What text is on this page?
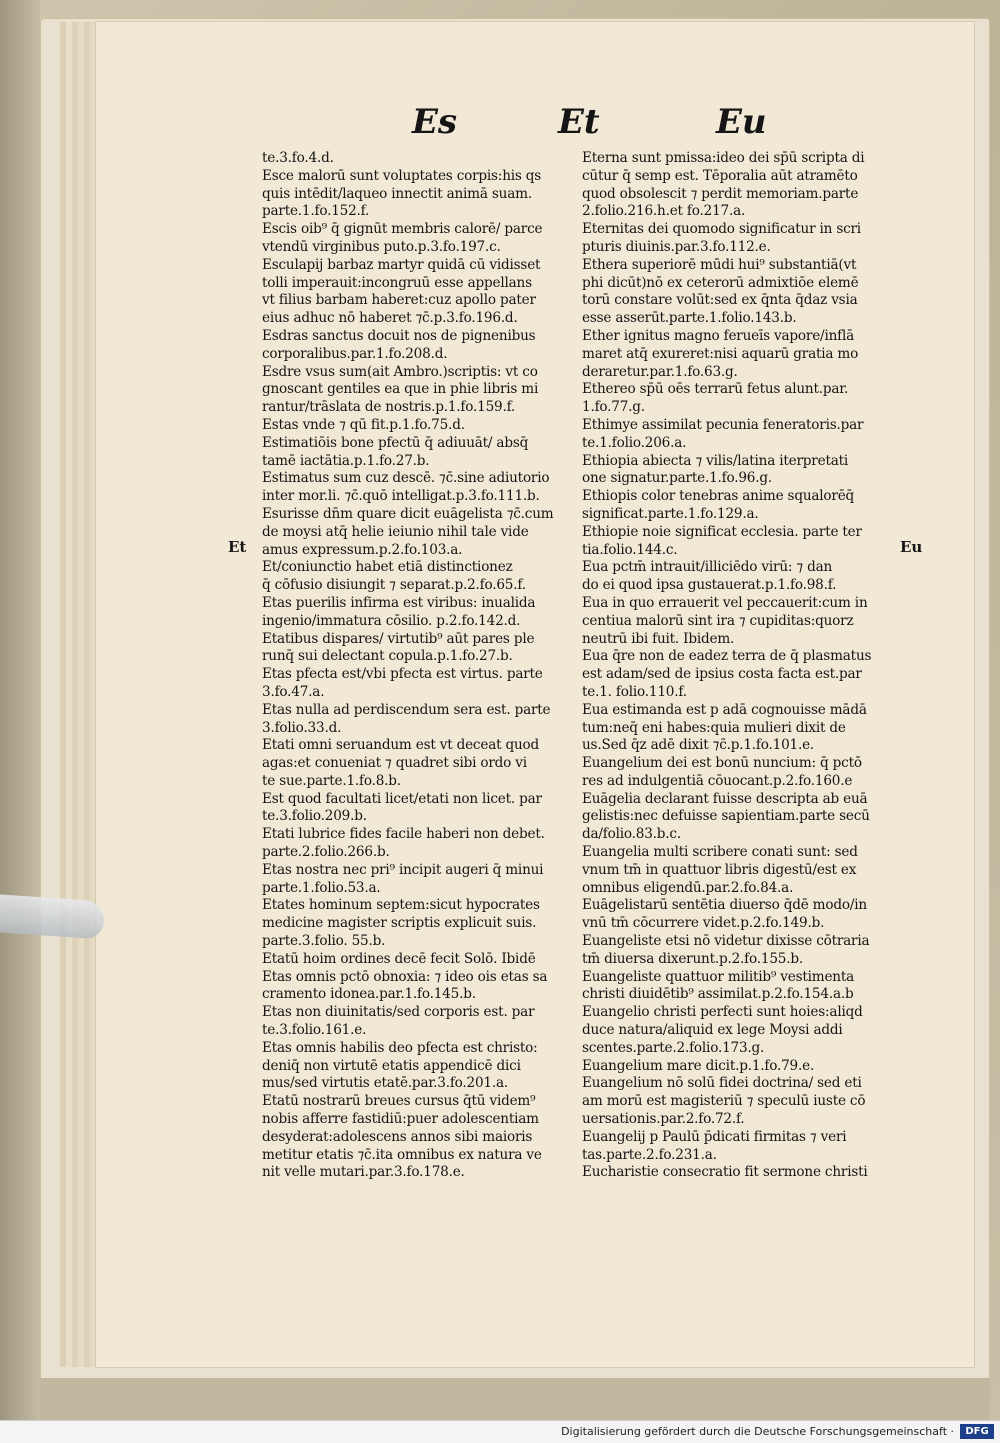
Es	Et	Eu
Et	Eu
te.3.fo.4.d.
Esce malorū sunt voluptates corpis:his qs
quis intēdit/laqueo innectit animā suam.
parte.1.fo.152.f.
Escis oib⁹ q̄ gignūt membris calorē/ parce
vtendū virginibus puto.p.3.fo.197.c.
Esculapij barbaz martyr quidā cū vidisset
tolli imperauit:incongruū esse appellans
vt filius barbam haberet:cuz apollo pater
eius adhuc nō haberet ⁊c̄.p.3.fo.196.d.
Esdras sanctus docuit nos de pignenibus
corporalibus.par.1.fo.208.d.
Esdre vsus sum(ait Ambro.)scriptis: vt co
gnoscant gentiles ea que in phie libris mi
rantur/trāslata de nostris.p.1.fo.159.f.
Estas vnde ⁊ qū fit.p.1.fo.75.d.
Estimatiōis bone pfectū q̄ adiuuāt/ absq̄
tamē iactātia.p.1.fo.27.b.
Estimatus sum cuz descē. ⁊c̄.sine adiutorio
inter mor.li. ⁊c̄.quō intelligat.p.3.fo.111.b.
Esurisse dn̄m quare dicit euāgelista ⁊c̄.cum
de moysi atq̄ helie ieiunio nihil tale vide
amus expressum.p.2.fo.103.a.
Et/coniunctio habet etiā distinctionez
q̄ cōfusio disiungit ⁊ separat.p.2.fo.65.f.
Etas puerilis infirma est viribus: inualida
ingenio/immatura cōsilio. p.2.fo.142.d.
Etatibus dispares/ virtutib⁹ aūt pares ple
runq̄ sui delectant copula.p.1.fo.27.b.
Etas pfecta est/vbi pfecta est virtus. parte
3.fo.47.a.
Etas nulla ad perdiscendum sera est. parte
3.folio.33.d.
Etati omni seruandum est vt deceat quod
agas:et conueniat ⁊ quadret sibi ordo vi
te sue.parte.1.fo.8.b.
Est quod facultati licet/etati non licet. par
te.3.folio.209.b.
Etati lubrice fides facile haberi non debet.
parte.2.folio.266.b.
Etas nostra nec pri⁹ incipit augeri q̄ minui
parte.1.folio.53.a.
Etates hominum septem:sicut hypocrates
medicine magister scriptis explicuit suis.
parte.3.folio. 55.b.
Etatū hoim ordines decē fecit Solō. Ibidē
Etas omnis pctō obnoxia: ⁊ ideo ois etas sa
cramento idonea.par.1.fo.145.b.
Etas non diuinitatis/sed corporis est. par
te.3.folio.161.e.
Etas omnis habilis deo pfecta est christo:
deniq̄ non virtutē etatis appendicē dici
mus/sed virtutis etatē.par.3.fo.201.a.
Etatū nostrarū breues cursus q̄tū videm⁹
nobis afferre fastidiū:puer adolescentiam
desyderat:adolescens annos sibi maioris
metitur etatis ⁊c̄.ita omnibus ex natura ve
nit velle mutari.par.3.fo.178.e.
Eterna sunt pmissa:ideo dei sp̄ū scripta di
cūtur q̄ semp est. Tēporalia aūt atramēto
quod obsolescit ⁊ perdit memoriam.parte
2.folio.216.h.et fo.217.a.
Eternitas dei quomodo significatur in scri
pturis diuinis.par.3.fo.112.e.
Ethera superiorē mūdi hui⁹ substantiā(vt
phi dicūt)nō ex ceterorū admixtiōe elemē
torū constare volūt:sed ex q̄nta q̄daz vsia
esse asserūt.parte.1.folio.143.b.
Ether ignitus magno ferueīs vapore/inflā
maret atq̄ exureret:nisi aquarū gratia mo
deraretur.par.1.fo.63.g.
Ethereo sp̄ū oēs terrarū fetus alunt.par.
1.fo.77.g.
Ethimye assimilat pecunia feneratoris.par
te.1.folio.206.a.
Ethiopia abiecta ⁊ vilis/latina iterpretati
one signatur.parte.1.fo.96.g.
Ethiopis color tenebras anime squalorēq̄
significat.parte.1.fo.129.a.
Ethiopie noie significat ecclesia. parte ter
tia.folio.144.c.
Eua pctm̄ intrauit/illiciēdo virū: ⁊ dan
do ei quod ipsa gustauerat.p.1.fo.98.f.
Eua in quo errauerit vel peccauerit:cum in
centiua malorū sint ira ⁊ cupiditas:quorz
neutrū ibi fuit. Ibidem.
Eua q̄re non de eadez terra de q̄ plasmatus
est adam/sed de ipsius costa facta est.par
te.1. folio.110.f.
Eua estimanda est p adā cognouisse mādā
tum:neq̄ eni habes:quia mulieri dixit de
us.Sed q̄z adē dixit ⁊c̄.p.1.fo.101.e.
Euangelium dei est bonū nuncium: q̄ pctō
res ad indulgentiā cōuocant.p.2.fo.160.e
Euāgelia declarant fuisse descripta ab euā
gelistis:nec defuisse sapientiam.parte secū
da/folio.83.b.c.
Euangelia multi scribere conati sunt: sed
vnum tm̄ in quattuor libris digestū/est ex
omnibus eligendū.par.2.fo.84.a.
Euāgelistarū sentētia diuerso q̄dē modo/in
vnū tm̄ cōcurrere videt.p.2.fo.149.b.
Euangeliste etsi nō videtur dixisse cōtraria
tm̄ diuersa dixerunt.p.2.fo.155.b.
Euangeliste quattuor militib⁹ vestimenta
christi diuidētib⁹ assimilat.p.2.fo.154.a.b
Euangelio christi perfecti sunt hoies:aliqd
duce natura/aliquid ex lege Moysi addi
scentes.parte.2.folio.173.g.
Euangelium mare dicit.p.1.fo.79.e.
Euangelium nō solū fidei doctrina/ sed eti
am morū est magisteriū ⁊ speculū iuste cō
uersationis.par.2.fo.72.f.
Euangelij p Paulū p̄dicati firmitas ⁊ veri
tas.parte.2.fo.231.a.
Eucharistie consecratio fit sermone christi
Digitalisierung gefördert durch die Deutsche Forschungsgemeinschaft ·	DFG
